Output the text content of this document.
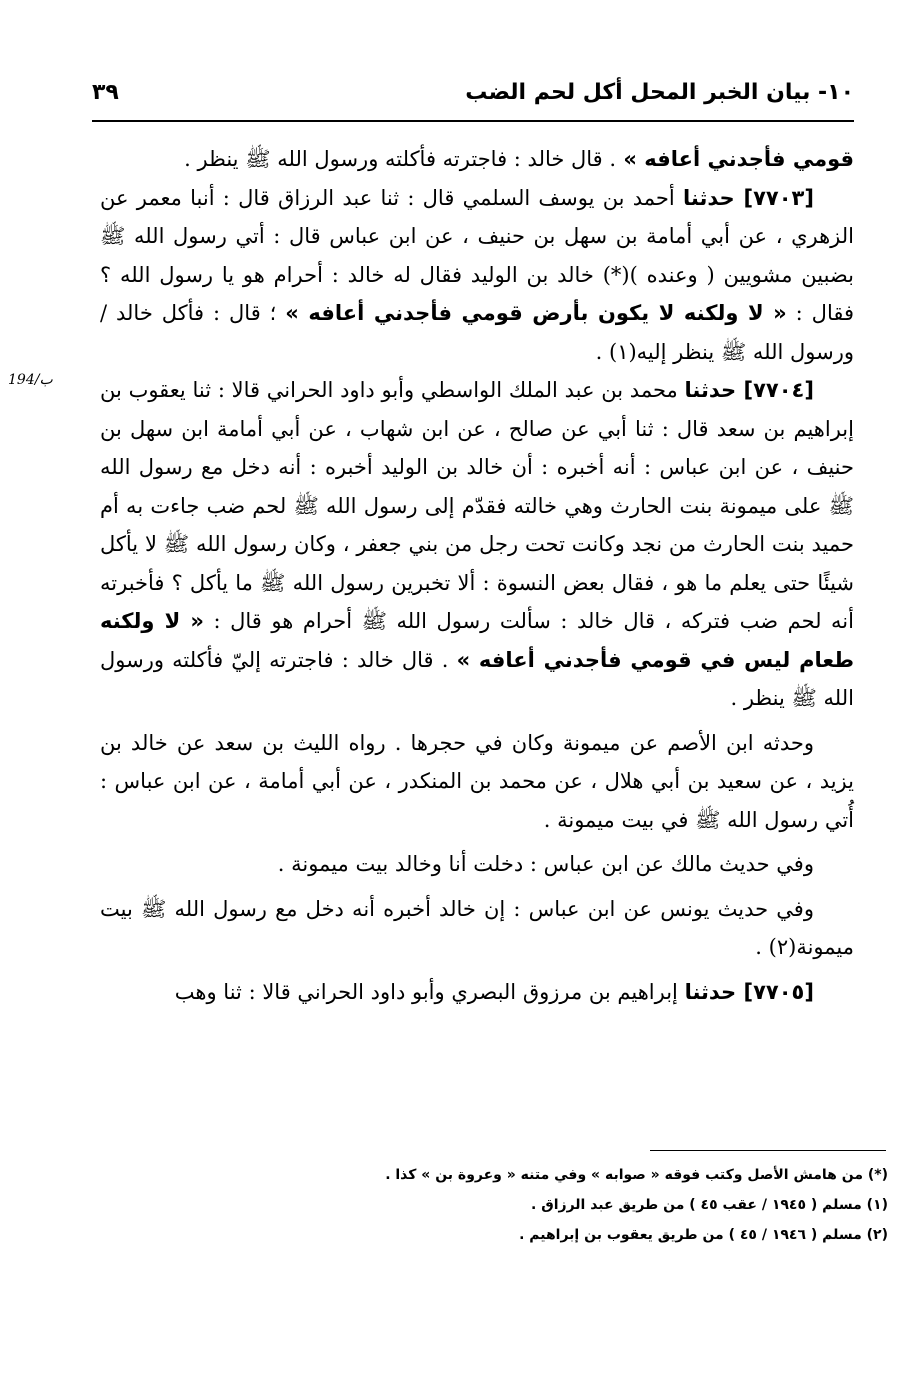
١٠- بيان الخبر المحل أكل لحم الضب
٣٩
194/ب

قومي فأجدني أعافه » . قال خالد : فاجترته فأكلته ورسول الله ﷺ ينظر .

[٧٧٠٣] حدثنا أحمد بن يوسف السلمي قال : ثنا عبد الرزاق قال : أنبا معمر عن الزهري ، عن أبي أمامة بن سهل بن حنيف ، عن ابن عباس قال : أتي رسول الله ﷺ بضبين مشويين ( وعنده )(*) خالد بن الوليد فقال له خالد : أحرام هو يا رسول الله ؟ فقال : « لا ولكنه لا يكون بأرض قومي فأجدني أعافه » ؛ قال : فأكل خالد / ورسول الله ﷺ ينظر إليه(١) .

[٧٧٠٤] حدثنا محمد بن عبد الملك الواسطي وأبو داود الحراني قالا : ثنا يعقوب بن إبراهيم بن سعد قال : ثنا أبي عن صالح ، عن ابن شهاب ، عن أبي أمامة ابن سهل بن حنيف ، عن ابن عباس : أنه أخبره : أن خالد بن الوليد أخبره : أنه دخل مع رسول الله ﷺ على ميمونة بنت الحارث وهي خالته فقدّم إلى رسول الله ﷺ لحم ضب جاءت به أم حميد بنت الحارث من نجد وكانت تحت رجل من بني جعفر ، وكان رسول الله ﷺ لا يأكل شيئًا حتى يعلم ما هو ، فقال بعض النسوة : ألا تخبرين رسول الله ﷺ ما يأكل ؟ فأخبرته أنه لحم ضب فتركه ، قال خالد : سألت رسول الله ﷺ أحرام هو قال : « لا ولكنه طعام ليس في قومي فأجدني أعافه » . قال خالد : فاجترته إليّ فأكلته ورسول الله ﷺ ينظر .

وحدثه ابن الأصم عن ميمونة وكان في حجرها . رواه الليث بن سعد عن خالد بن يزيد ، عن سعيد بن أبي هلال ، عن محمد بن المنكدر ، عن أبي أمامة ، عن ابن عباس : أُتي رسول الله ﷺ في بيت ميمونة .

وفي حديث مالك عن ابن عباس : دخلت أنا وخالد بيت ميمونة .

وفي حديث يونس عن ابن عباس : إن خالد أخبره أنه دخل مع رسول الله ﷺ بيت ميمونة(٢) .

[٧٧٠٥] حدثنا إبراهيم بن مرزوق البصري وأبو داود الحراني قالا : ثنا وهب

(*) من هامش الأصل وكتب فوقه « صوابه » وفي متنه « وعروة بن » كذا .

(١) مسلم ( ١٩٤٥ / عقب ٤٥ ) من طريق عبد الرزاق .

(٢) مسلم ( ١٩٤٦ / ٤٥ ) من طريق يعقوب بن إبراهيم .
